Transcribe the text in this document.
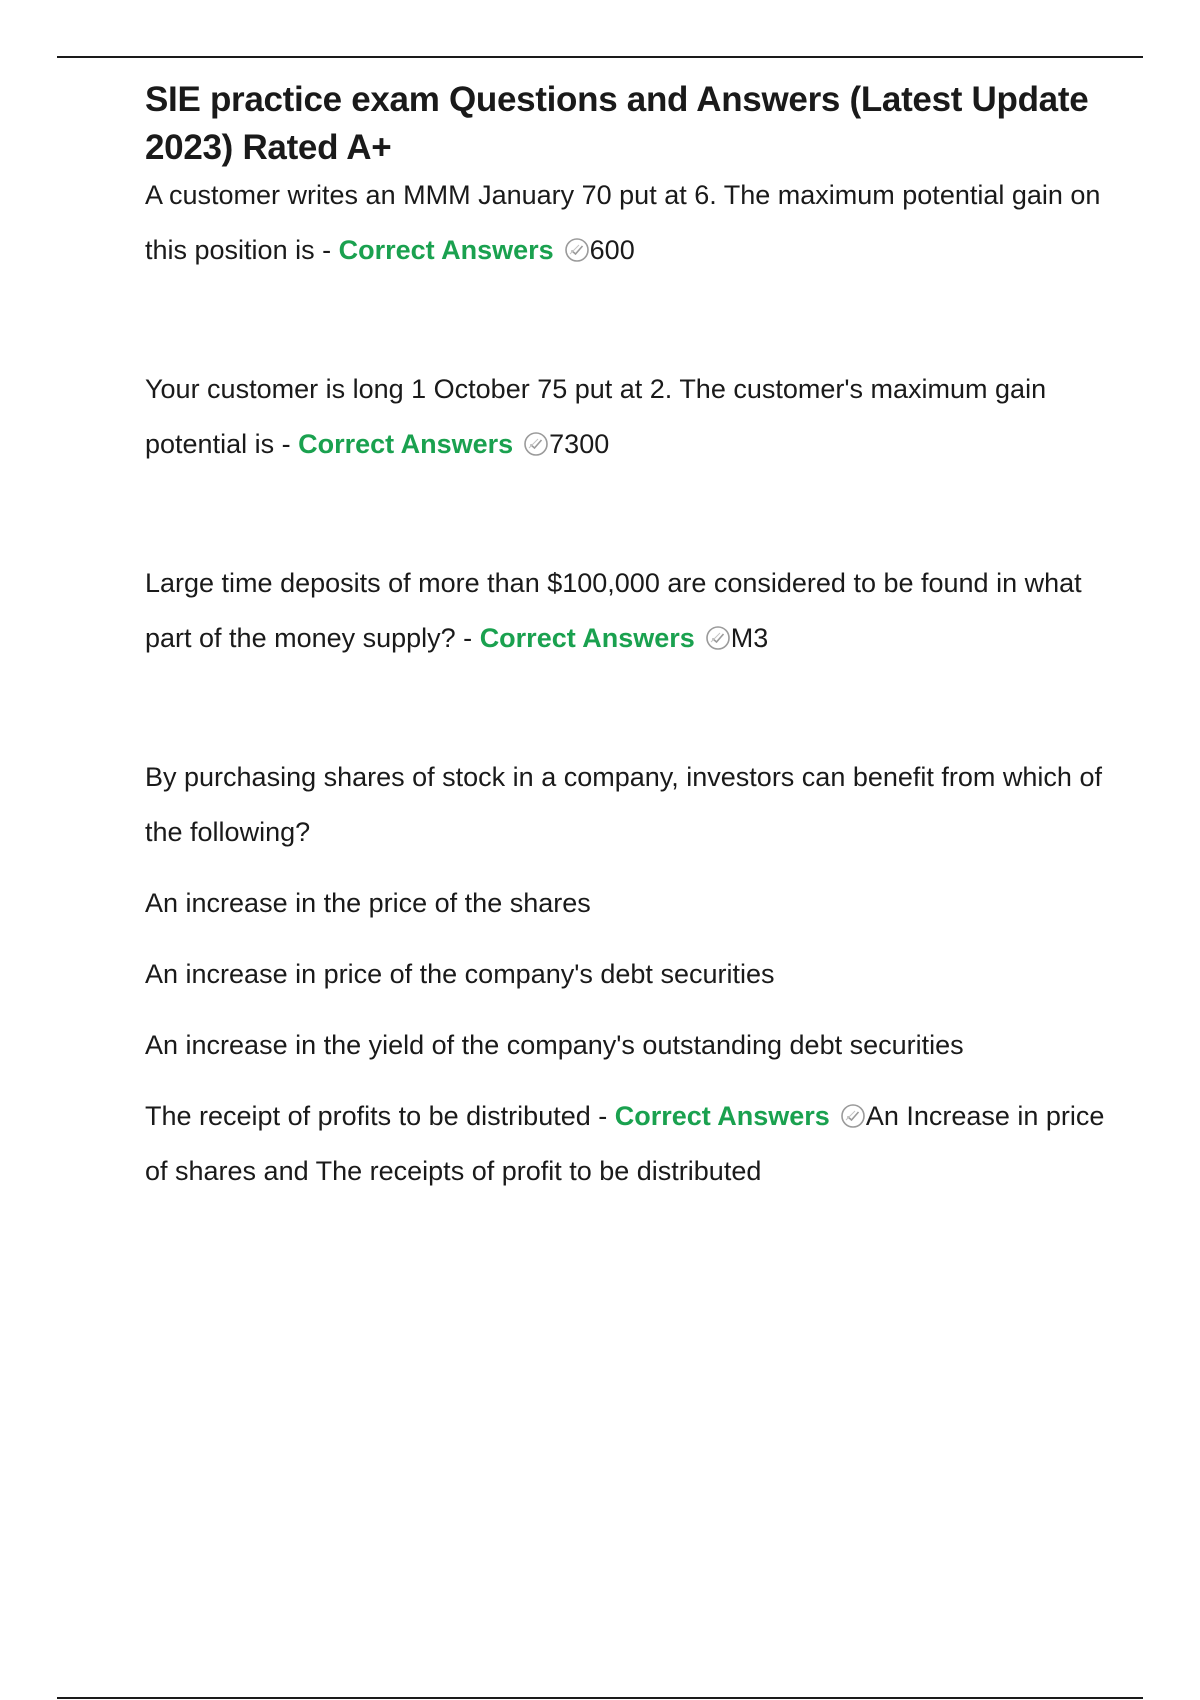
SIE practice exam Questions and Answers (Latest Update 2023) Rated A+

A customer writes an MMM January 70 put at 6. The maximum potential gain on this position is - Correct Answers 600

Your customer is long 1 October 75 put at 2. The customer's maximum gain potential is - Correct Answers 7300

Large time deposits of more than $100,000 are considered to be found in what part of the money supply? - Correct Answers M3

By purchasing shares of stock in a company, investors can benefit from which of the following?

An increase in the price of the shares
An increase in price of the company's debt securities
An increase in the yield of the company's outstanding debt securities

The receipt of profits to be distributed - Correct Answers An Increase in price of shares and The receipts of profit to be distributed
